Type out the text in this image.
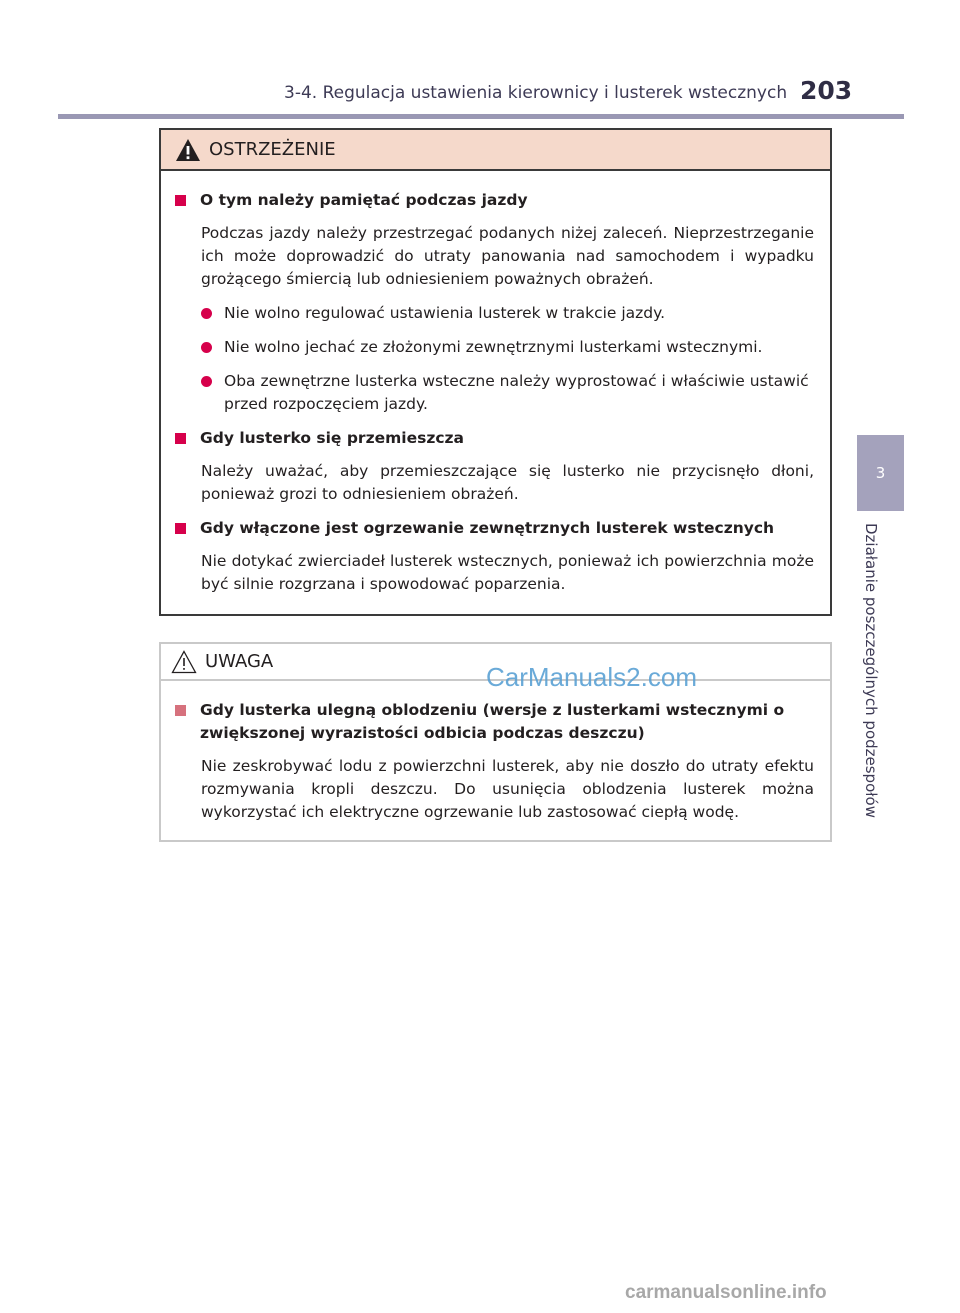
3-4. Regulacja ustawienia kierownicy i lusterek wstecznych 203
3
Działanie poszczególnych podzespołów
OSTRZEŻENIE
O tym należy pamiętać podczas jazdy
Podczas jazdy należy przestrzegać podanych niżej zaleceń. Nieprzestrzeganie ich może doprowadzić do utraty panowania nad samochodem i wypadku grożącego śmiercią lub odniesieniem poważnych obrażeń.
Nie wolno regulować ustawienia lusterek w trakcie jazdy.
Nie wolno jechać ze złożonymi zewnętrznymi lusterkami wstecznymi.
Oba zewnętrzne lusterka wsteczne należy wyprostować i właściwie ustawić przed rozpoczęciem jazdy.
Gdy lusterko się przemieszcza
Należy uważać, aby przemieszczające się lusterko nie przycisnęło dłoni, ponieważ grozi to odniesieniem obrażeń.
Gdy włączone jest ogrzewanie zewnętrznych lusterek wstecznych
Nie dotykać zwierciadeł lusterek wstecznych, ponieważ ich powierzchnia może być silnie rozgrzana i spowodować poparzenia.
UWAGA
Gdy lusterka ulegną oblodzeniu (wersje z lusterkami wstecznymi o zwiększonej wyrazistości odbicia podczas deszczu)
Nie zeskrobywać lodu z powierzchni lusterek, aby nie doszło do utraty efektu rozmywania kropli deszczu. Do usunięcia oblodzenia lusterek można wykorzystać ich elektryczne ogrzewanie lub zastosować ciepłą wodę.
CarManuals2.com
carmanualsonline.info
